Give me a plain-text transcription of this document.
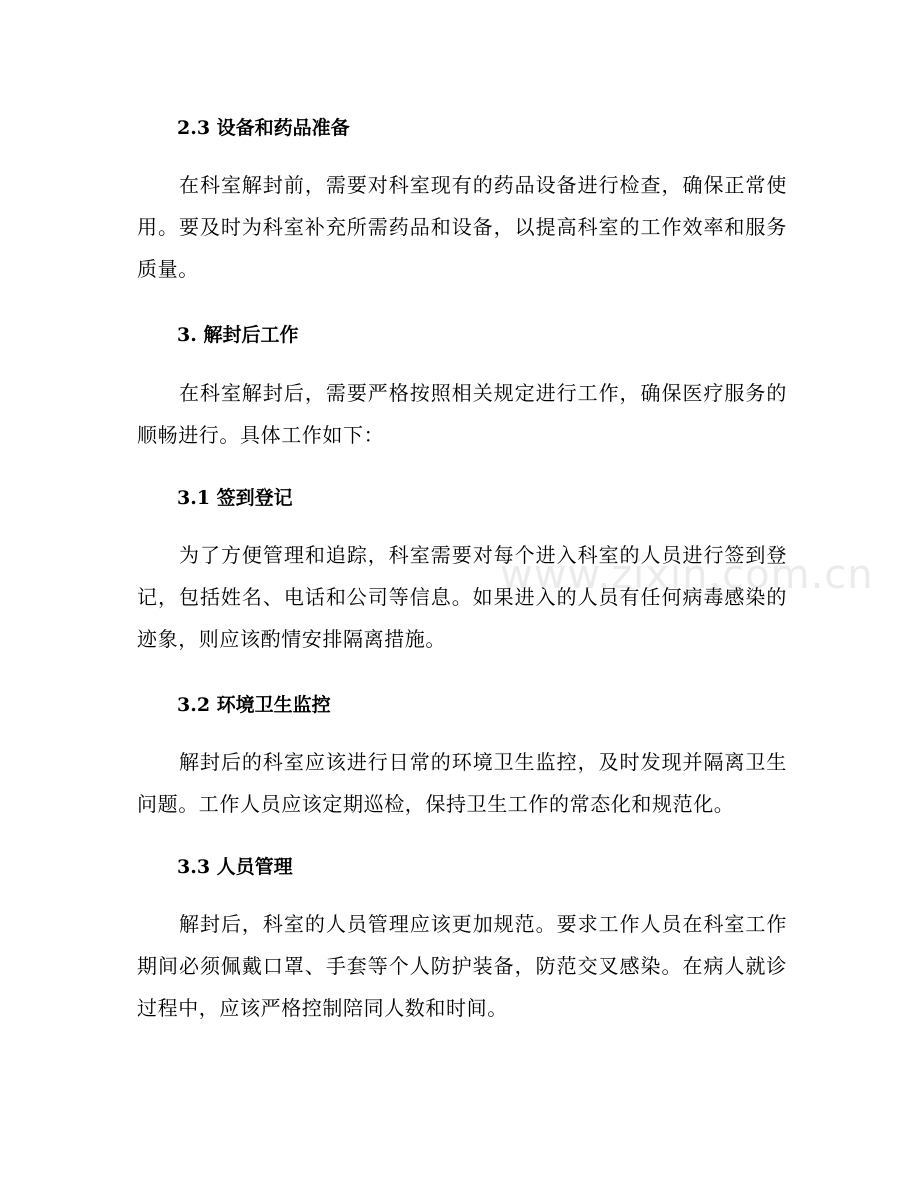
www.zixin.com.cn
2.3 设备和药品准备
在科室解封前，需要对科室现有的药品设备进行检查，确保正常使用。要及时为科室补充所需药品和设备，以提高科室的工作效率和服务质量。
3. 解封后工作
在科室解封后，需要严格按照相关规定进行工作，确保医疗服务的顺畅进行。具体工作如下：
3.1 签到登记
为了方便管理和追踪，科室需要对每个进入科室的人员进行签到登记，包括姓名、电话和公司等信息。如果进入的人员有任何病毒感染的迹象，则应该酌情安排隔离措施。
3.2 环境卫生监控
解封后的科室应该进行日常的环境卫生监控，及时发现并隔离卫生问题。工作人员应该定期巡检，保持卫生工作的常态化和规范化。
3.3 人员管理
解封后，科室的人员管理应该更加规范。要求工作人员在科室工作期间必须佩戴口罩、手套等个人防护装备，防范交叉感染。在病人就诊过程中，应该严格控制陪同人数和时间。
